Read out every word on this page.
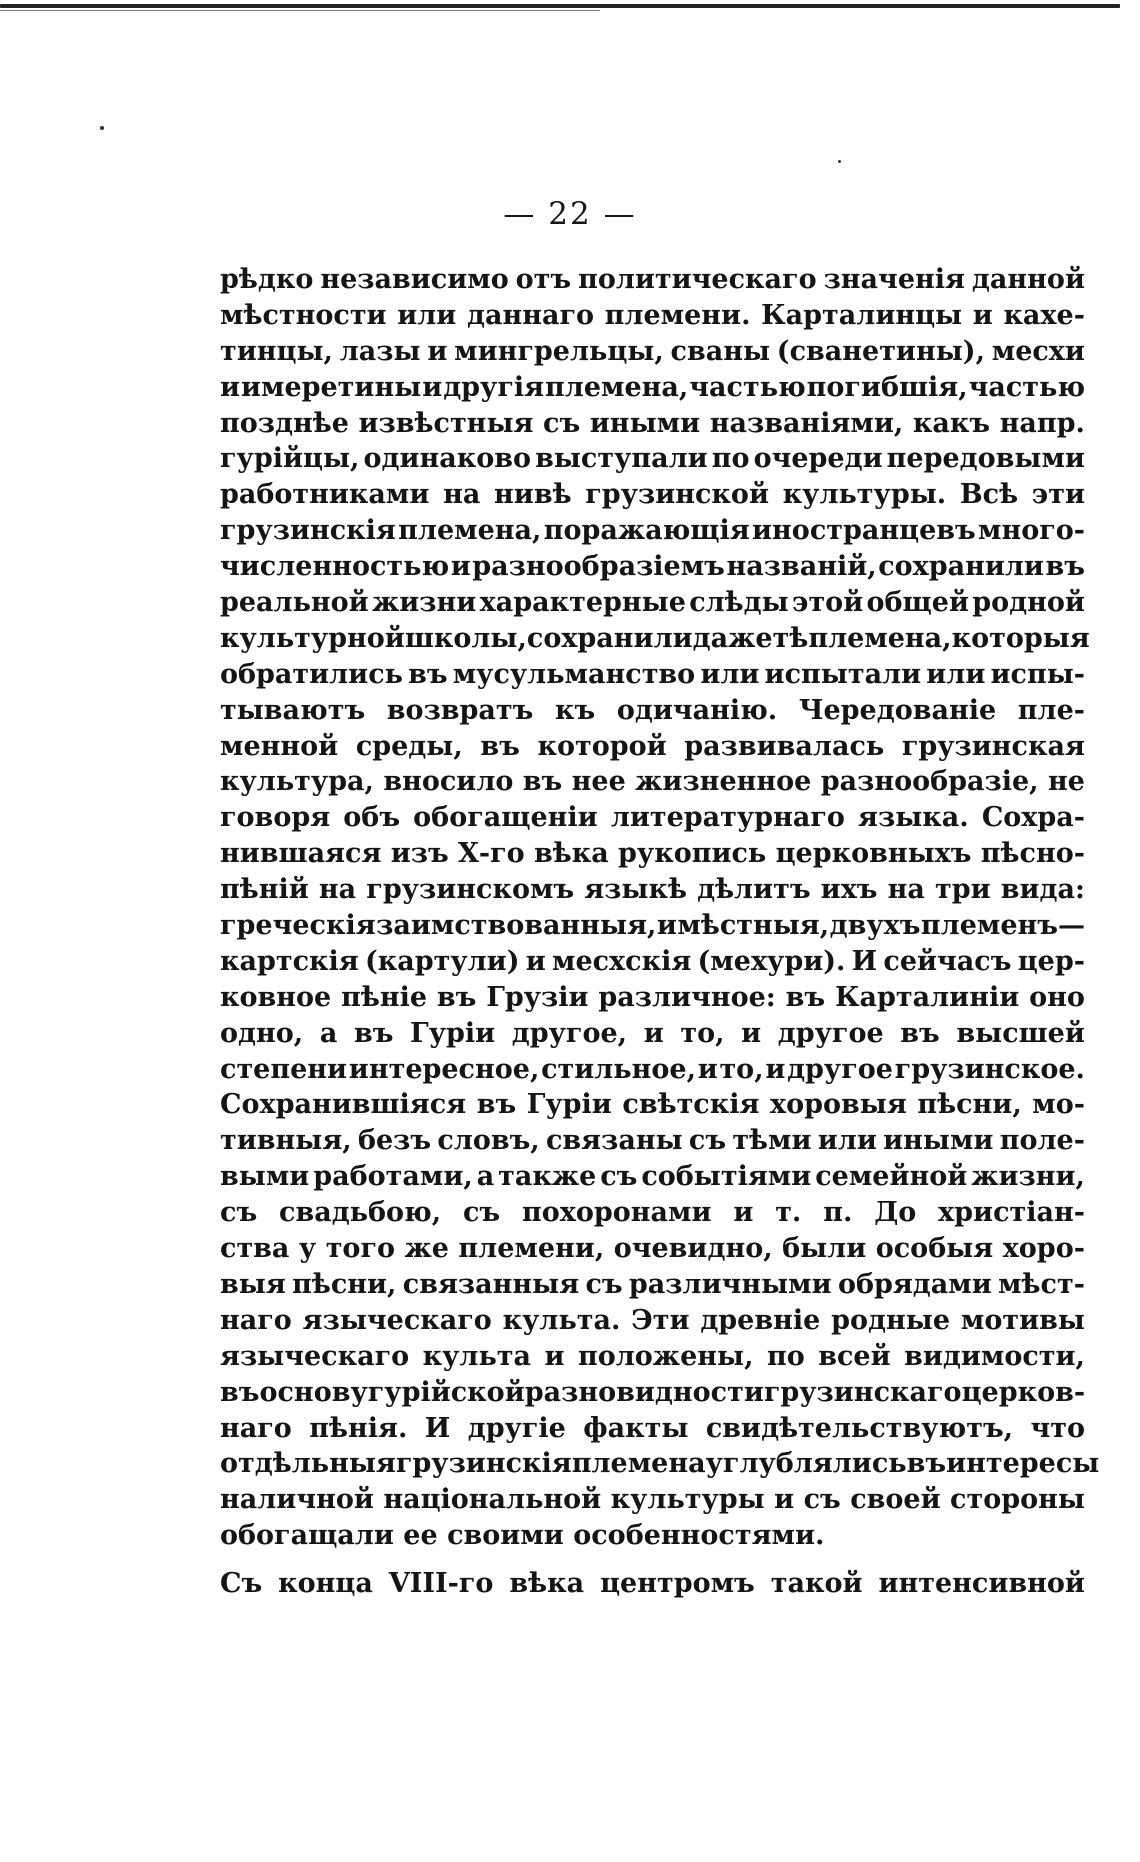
— 22 —
рѣдко независимо отъ политическаго значенія данной
мѣстности или даннаго племени. Карталинцы и кахе-
тинцы, лазы и мингрельцы, сваны (сванетины), месхи
и имеретины и другія племена, частью погибшія, частью
позднѣе извѣстныя съ иными названіями, какъ напр.
гурійцы, одинаково выступали по очереди передовыми
работниками на нивѣ грузинской культуры. Всѣ эти
грузинскія племена, поражающія иностранцевъ много-
численностью и разнообразіемъ названій, сохранили въ
реальной жизни характерные слѣды этой общей родной
культурной школы, сохранили даже тѣ племена, которыя
обратились въ мусульманство или испытали или испы-
тываютъ возвратъ къ одичанію. Чередованіе пле-
менной среды, въ которой развивалась грузинская
культура, вносило въ нее жизненное разнообразіе, не
говоря объ обогащеніи литературнаго языка. Сохра-
нившаяся изъ Х-го вѣка рукопись церковныхъ пѣсно-
пѣній на грузинскомъ языкѣ дѣлитъ ихъ на три вида:
греческія заимствованныя, и мѣстныя, двухъ племенъ—
картскія (картули) и месхскія (мехури). И сейчасъ цер-
ковное пѣніе въ Грузіи различное: въ Карталиніи оно
одно, а въ Гуріи другое, и то, и другое въ высшей
степени интересное, стильное, и то, и другое грузинское.
Сохранившіяся въ Гуріи свѣтскія хоровыя пѣсни, мо-
тивныя, безъ словъ, связаны съ тѣми или иными поле-
выми работами, а также съ событіями семейной жизни,
съ свадьбою, съ похоронами и т. п. До христіан-
ства у того же племени, очевидно, были особыя хоро-
выя пѣсни, связанныя съ различными обрядами мѣст-
наго языческаго культа. Эти древніе родные мотивы
языческаго культа и положены, по всей видимости,
въ основу гурійской разновидности грузинскаго церков-
наго пѣнія. И другіе факты свидѣтельствуютъ, что
отдѣльныя грузинскія племена углублялись въ интересы
наличной національной культуры и съ своей стороны
обогащали ее своими особенностями.
Съ конца VIII-го вѣка центромъ такой интенсивной
